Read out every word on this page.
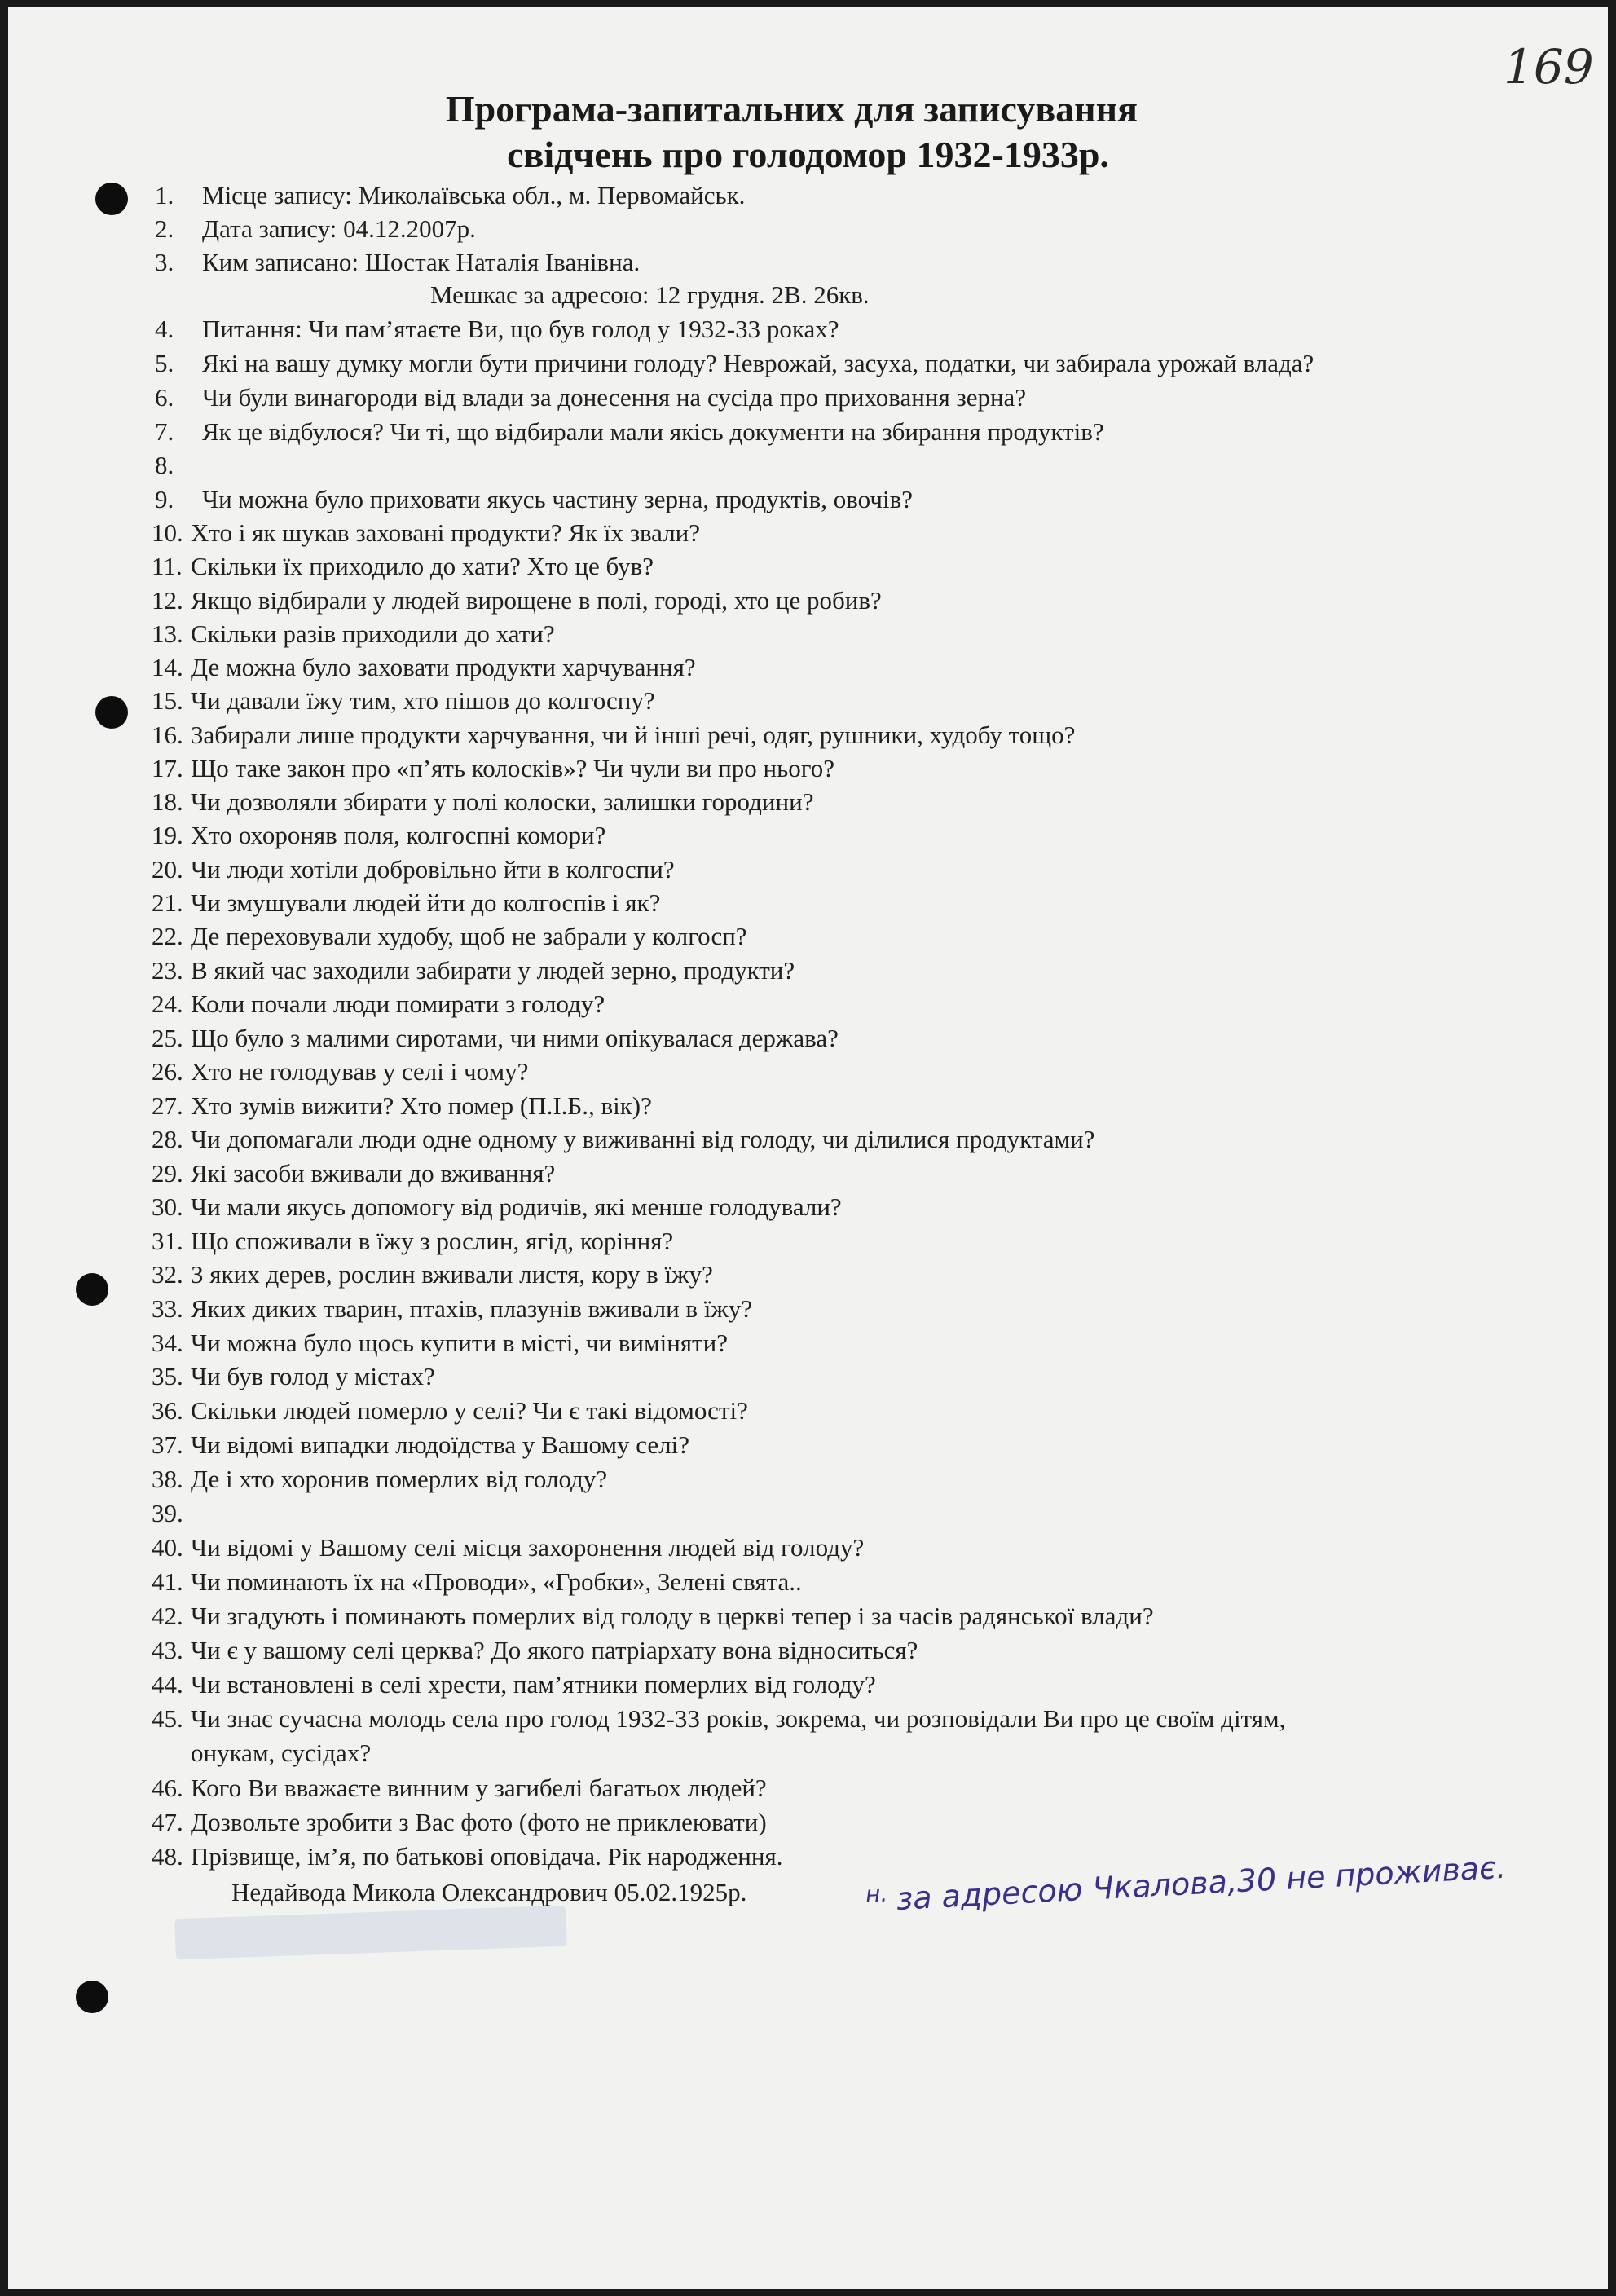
169
Програма-запитальних для записування
свідчень про голодомор 1932-1933р.
1. Місце запису: Миколаївська обл., м. Первомайськ.
2. Дата запису: 04.12.2007р.
3. Ким записано: Шостак Наталія Іванівна.
Мешкає за адресою: 12 грудня. 2В. 26кв.
4. Питання: Чи пам’ятаєте Ви, що був голод у 1932-33 роках?
5. Які на вашу думку могли бути причини голоду? Неврожай, засуха, податки, чи забирала урожай влада?
6. Чи були винагороди від влади за донесення на сусіда про приховання зерна?
7. Як це відбулося? Чи ті, що відбирали мали якісь документи на збирання продуктів?
8.
9. Чи можна було приховати якусь частину зерна, продуктів, овочів?
10. Хто і як шукав заховані продукти? Як їх звали?
11. Скільки їх приходило до хати? Хто це був?
12. Якщо відбирали у людей вирощене в полі, городі, хто це робив?
13. Скільки разів приходили до хати?
14. Де можна було заховати продукти харчування?
15. Чи давали їжу тим, хто пішов до колгоспу?
16. Забирали лише продукти харчування, чи й інші речі, одяг, рушники, худобу тощо?
17. Що таке закон про «п’ять колосків»? Чи чули ви про нього?
18. Чи дозволяли збирати у полі колоски, залишки городини?
19. Хто охороняв поля, колгоспні комори?
20. Чи люди хотіли добровільно йти в колгоспи?
21. Чи змушували людей йти до колгоспів і як?
22. Де переховували худобу, щоб не забрали у колгосп?
23. В який час заходили забирати у людей зерно, продукти?
24. Коли почали люди помирати з голоду?
25. Що було з малими сиротами, чи ними опікувалася держава?
26. Хто не голодував у селі і чому?
27. Хто зумів вижити? Хто помер (П.І.Б., вік)?
28. Чи допомагали люди одне одному у виживанні від голоду, чи ділилися продуктами?
29. Які засоби вживали до вживання?
30. Чи мали якусь допомогу від родичів, які менше голодували?
31. Що споживали в їжу з рослин, ягід, коріння?
32. З яких дерев, рослин вживали листя, кору в їжу?
33. Яких диких тварин, птахів, плазунів вживали в їжу?
34. Чи можна було щось купити в місті, чи виміняти?
35. Чи був голод у містах?
36. Скільки людей померло у селі? Чи є такі відомості?
37. Чи відомі випадки людоїдства у Вашому селі?
38. Де і хто хоронив померлих від голоду?
39.
40. Чи відомі у Вашому селі місця захоронення людей від голоду?
41. Чи поминають їх на «Проводи», «Гробки», Зелені свята..
42. Чи згадують і поминають померлих від голоду в церкві тепер і за часів радянської влади?
43. Чи є у вашому селі церква? До якого патріархату вона відноситься?
44. Чи встановлені в селі хрести, пам’ятники померлих від голоду?
45. Чи знає сучасна молодь села про голод 1932-33 років, зокрема, чи розповідали Ви про це своїм дітям,
онукам, сусідах?
46. Кого Ви вважаєте винним у загибелі багатьох людей?
47. Дозвольте зробити з Вас фото (фото не приклеювати)
48. Прізвище, ім’я, по батькові оповідача. Рік народження.
Недайвода Микола Олександрович 05.02.1925р.	н. за адресою Чкалова,30 не проживає.
